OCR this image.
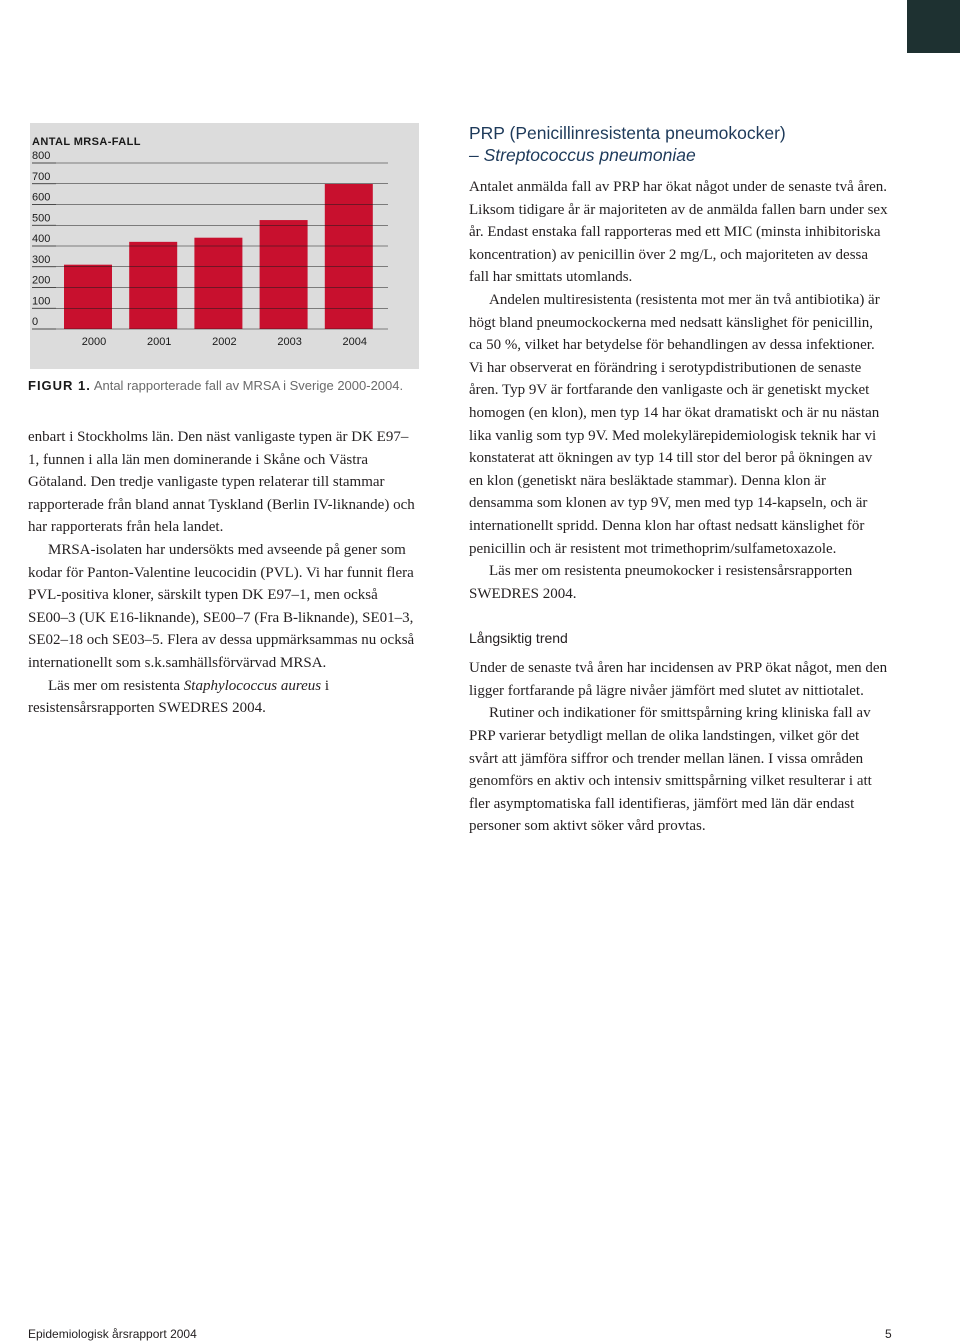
ANTAL MRSA-FALL

0
100
200
300
400
500
600
700
800
2000	2001	2002	2003	2004

FIGUR 1. Antal rapporterade fall av MRSA i Sverige 2000-2004.

enbart i Stockholms län. Den näst vanligaste typen är DK E97–1, funnen i alla län men dominerande i Skåne och Västra Götaland. Den tredje vanligaste typen relaterar till stammar rapporterade från bland annat Tyskland (Berlin IV-liknande) och har rapporterats från hela landet.

MRSA-isolaten har undersökts med avseende på gener som kodar för Panton-Valentine leucocidin (PVL). Vi har funnit flera PVL-positiva kloner, särskilt typen DK E97–1, men också SE00–3 (UK E16-liknande), SE00–7 (Fra B-liknande), SE01–3, SE02–18 och SE03–5. Flera av dessa uppmärksammas nu också internationellt som s.k.samhällsförvärvad MRSA.

Läs mer om resistenta Staphylococcus aureus i resistensårsrapporten SWEDRES 2004.

PRP (Penicillinresistenta pneumokocker)
– Streptococcus pneumoniae

Antalet anmälda fall av PRP har ökat något under de senaste två åren. Liksom tidigare år är majoriteten av de anmälda fallen barn under sex år. Endast enstaka fall rapporteras med ett MIC (minsta inhibitoriska koncentration) av penicillin över 2 mg/L, och majoriteten av dessa fall har smittats utomlands.

Andelen multiresistenta (resistenta mot mer än två antibiotika) är högt bland pneumockockerna med nedsatt känslighet för penicillin, ca 50 %, vilket har betydelse för behandlingen av dessa infektioner. Vi har observerat en förändring i serotypdistributionen de senaste åren. Typ 9V är fortfarande den vanligaste och är genetiskt mycket homogen (en klon), men typ 14 har ökat dramatiskt och är nu nästan lika vanlig som typ 9V. Med molekylärepidemiologisk teknik har vi konstaterat att ökningen av typ 14 till stor del beror på ökningen av en klon (genetiskt nära besläktade stammar). Denna klon är densamma som klonen av typ 9V, men med typ 14-kapseln, och är internationellt spridd. Denna klon har oftast nedsatt känslighet för penicillin och är resistent mot trimethoprim/sulfametoxazole.

Läs mer om resistenta pneumokocker i resistensårsrapporten SWEDRES 2004.

Långsiktig trend

Under de senaste två åren har incidensen av PRP ökat något, men den ligger fortfarande på lägre nivåer jämfört med slutet av nittiotalet.

Rutiner och indikationer för smittspårning kring kliniska fall av PRP varierar betydligt mellan de olika landstingen, vilket gör det svårt att jämföra siffror och trender mellan länen. I vissa områden genomförs en aktiv och intensiv smittspårning vilket resulterar i att fler asymptomatiska fall identifieras, jämfört med län där endast personer som aktivt söker vård provtas.

Epidemiologisk årsrapport 2004	5
